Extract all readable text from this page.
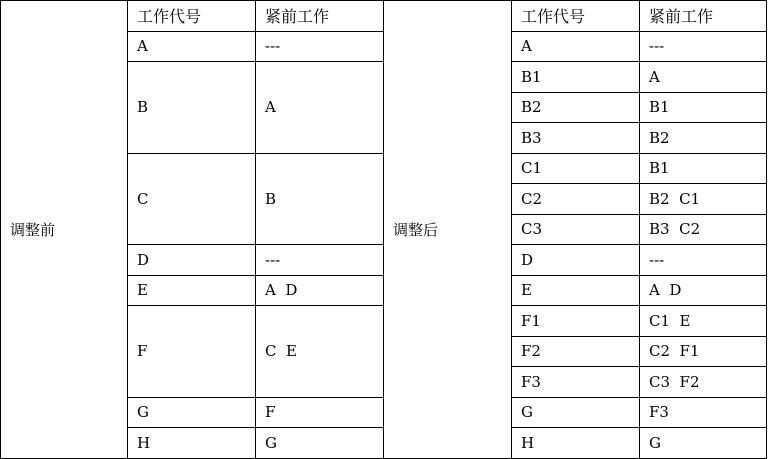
调整前	工作代号	紧前工作	调整后	工作代号	紧前工作
	A	---		A	---
	B	A		B1	A
				B2	B1
				B3	B2
	C	B		C1	B1
				C2	B2  C1
				C3	B3  C2
	D	---		D	---
	E	A  D		E	A  D
	F	C  E		F1	C1  E
				F2	C2  F1
				F3	C3  F2
	G	F		G	F3
	H	G		H	G
